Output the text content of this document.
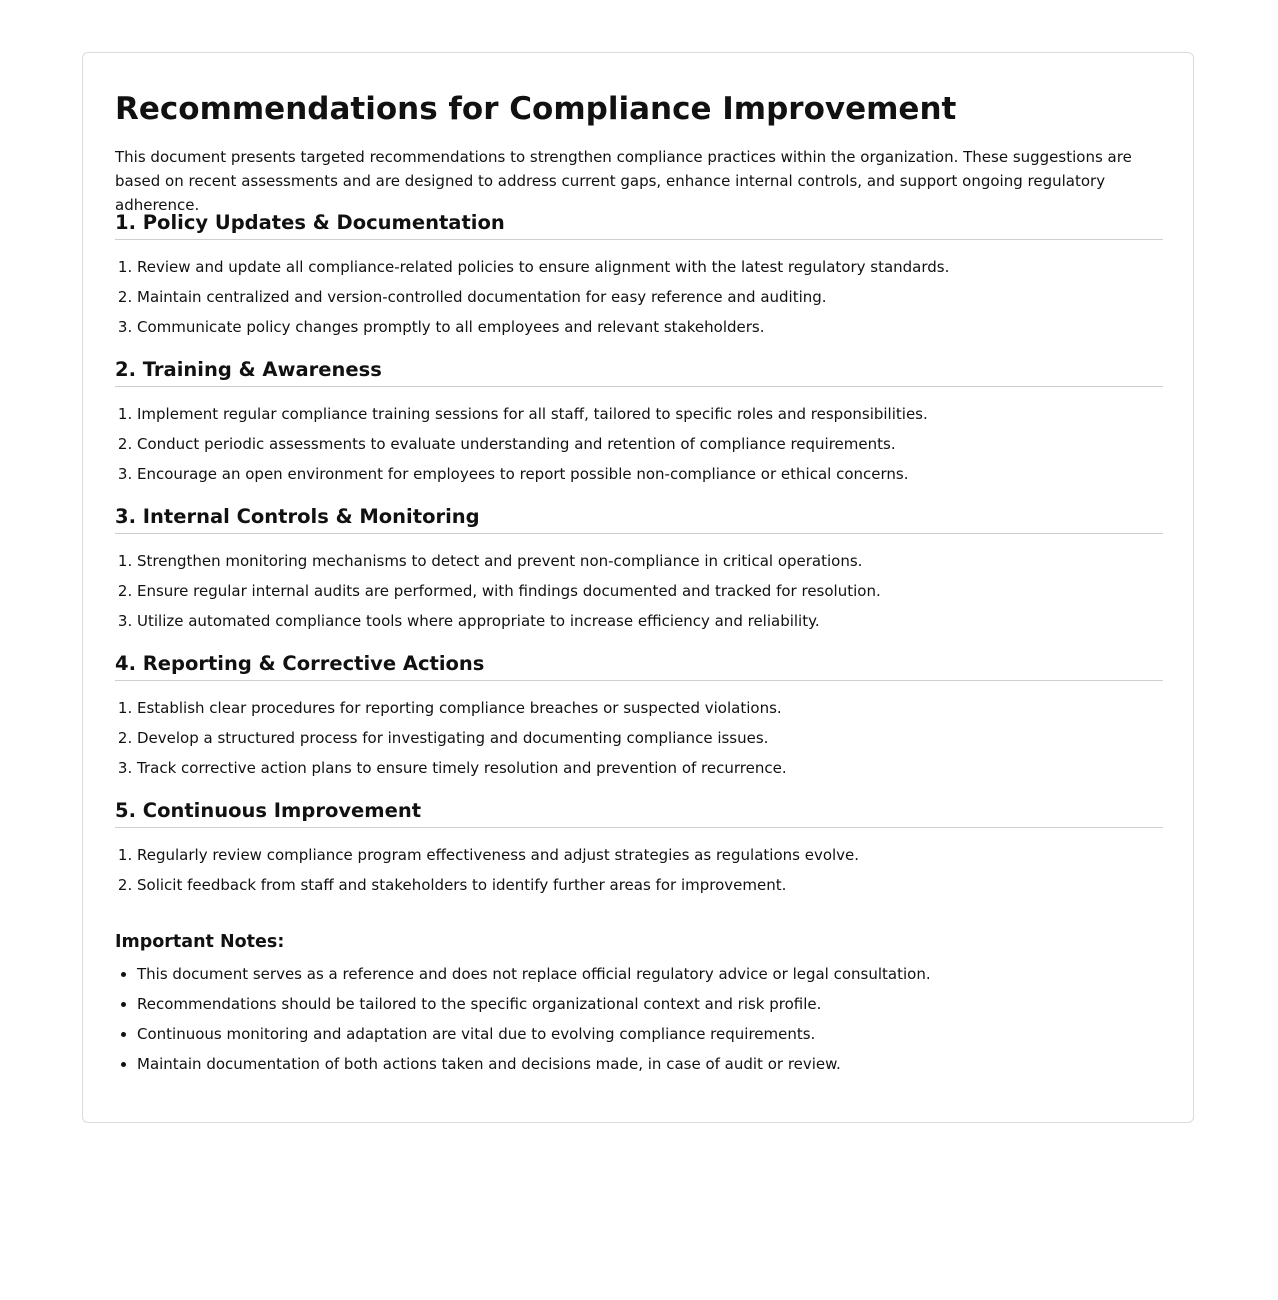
Recommendations for Compliance Improvement

This document presents targeted recommendations to strengthen compliance practices within the organization. These suggestions are based on recent assessments and are designed to address current gaps, enhance internal controls, and support ongoing regulatory adherence.

1. Policy Updates & Documentation
1. Review and update all compliance-related policies to ensure alignment with the latest regulatory standards.
2. Maintain centralized and version-controlled documentation for easy reference and auditing.
3. Communicate policy changes promptly to all employees and relevant stakeholders.
2. Training & Awareness
1. Implement regular compliance training sessions for all staff, tailored to specific roles and responsibilities.
2. Conduct periodic assessments to evaluate understanding and retention of compliance requirements.
3. Encourage an open environment for employees to report possible non-compliance or ethical concerns.
3. Internal Controls & Monitoring
1. Strengthen monitoring mechanisms to detect and prevent non-compliance in critical operations.
2. Ensure regular internal audits are performed, with findings documented and tracked for resolution.
3. Utilize automated compliance tools where appropriate to increase efficiency and reliability.
4. Reporting & Corrective Actions
1. Establish clear procedures for reporting compliance breaches or suspected violations.
2. Develop a structured process for investigating and documenting compliance issues.
3. Track corrective action plans to ensure timely resolution and prevention of recurrence.
5. Continuous Improvement
1. Regularly review compliance program effectiveness and adjust strategies as regulations evolve.
2. Solicit feedback from staff and stakeholders to identify further areas for improvement.
Important Notes:
• This document serves as a reference and does not replace official regulatory advice or legal consultation.
• Recommendations should be tailored to the specific organizational context and risk profile.
• Continuous monitoring and adaptation are vital due to evolving compliance requirements.
• Maintain documentation of both actions taken and decisions made, in case of audit or review.
